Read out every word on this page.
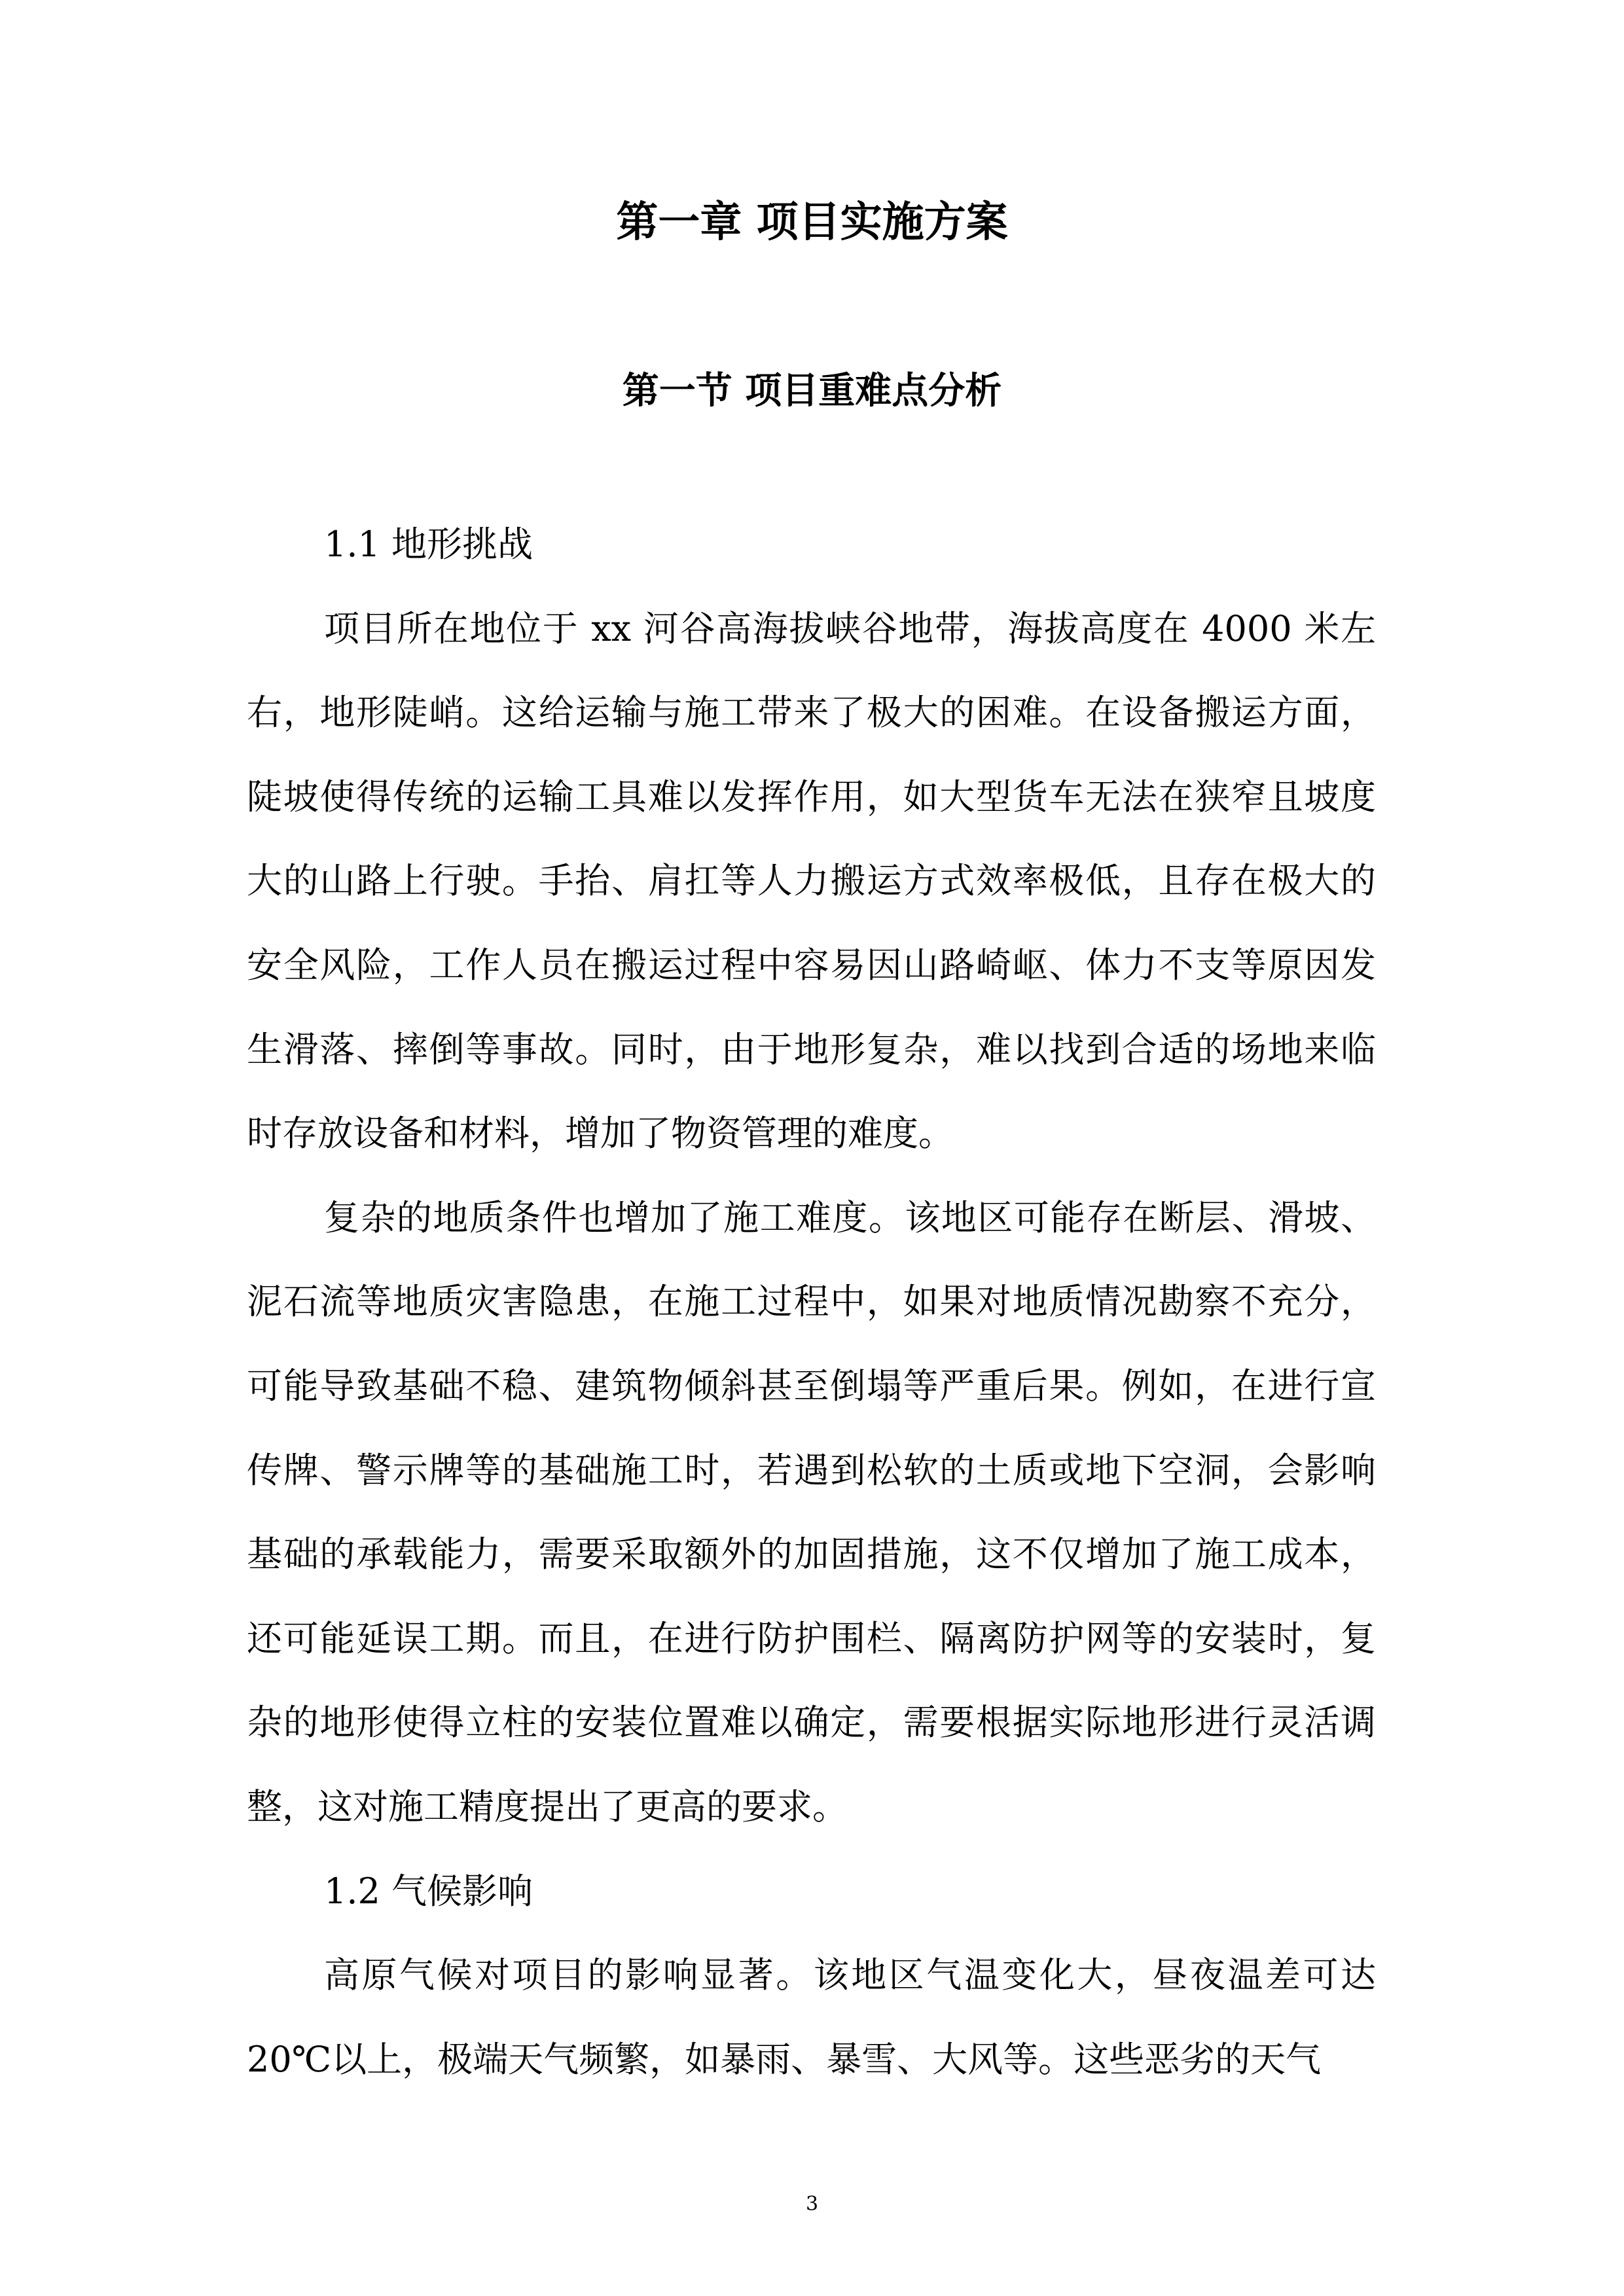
第一章 项目实施方案
第一节 项目重难点分析

1.1 地形挑战

项目所在地位于 xx 河谷高海拔峡谷地带，海拔高度在 4000 米左右，地形陡峭。这给运输与施工带来了极大的困难。在设备搬运方面，陡坡使得传统的运输工具难以发挥作用，如大型货车无法在狭窄且坡度大的山路上行驶。手抬、肩扛等人力搬运方式效率极低，且存在极大的安全风险，工作人员在搬运过程中容易因山路崎岖、体力不支等原因发生滑落、摔倒等事故。同时，由于地形复杂，难以找到合适的场地来临时存放设备和材料，增加了物资管理的难度。

复杂的地质条件也增加了施工难度。该地区可能存在断层、滑坡、泥石流等地质灾害隐患，在施工过程中，如果对地质情况勘察不充分，可能导致基础不稳、建筑物倾斜甚至倒塌等严重后果。例如，在进行宣传牌、警示牌等的基础施工时，若遇到松软的土质或地下空洞，会影响基础的承载能力，需要采取额外的加固措施，这不仅增加了施工成本，还可能延误工期。而且，在进行防护围栏、隔离防护网等的安装时，复杂的地形使得立柱的安装位置难以确定，需要根据实际地形进行灵活调整，这对施工精度提出了更高的要求。

1.2 气候影响

高原气候对项目的影响显著。该地区气温变化大，昼夜温差可达 20℃以上，极端天气频繁，如暴雨、暴雪、大风等。这些恶劣的天气

3
